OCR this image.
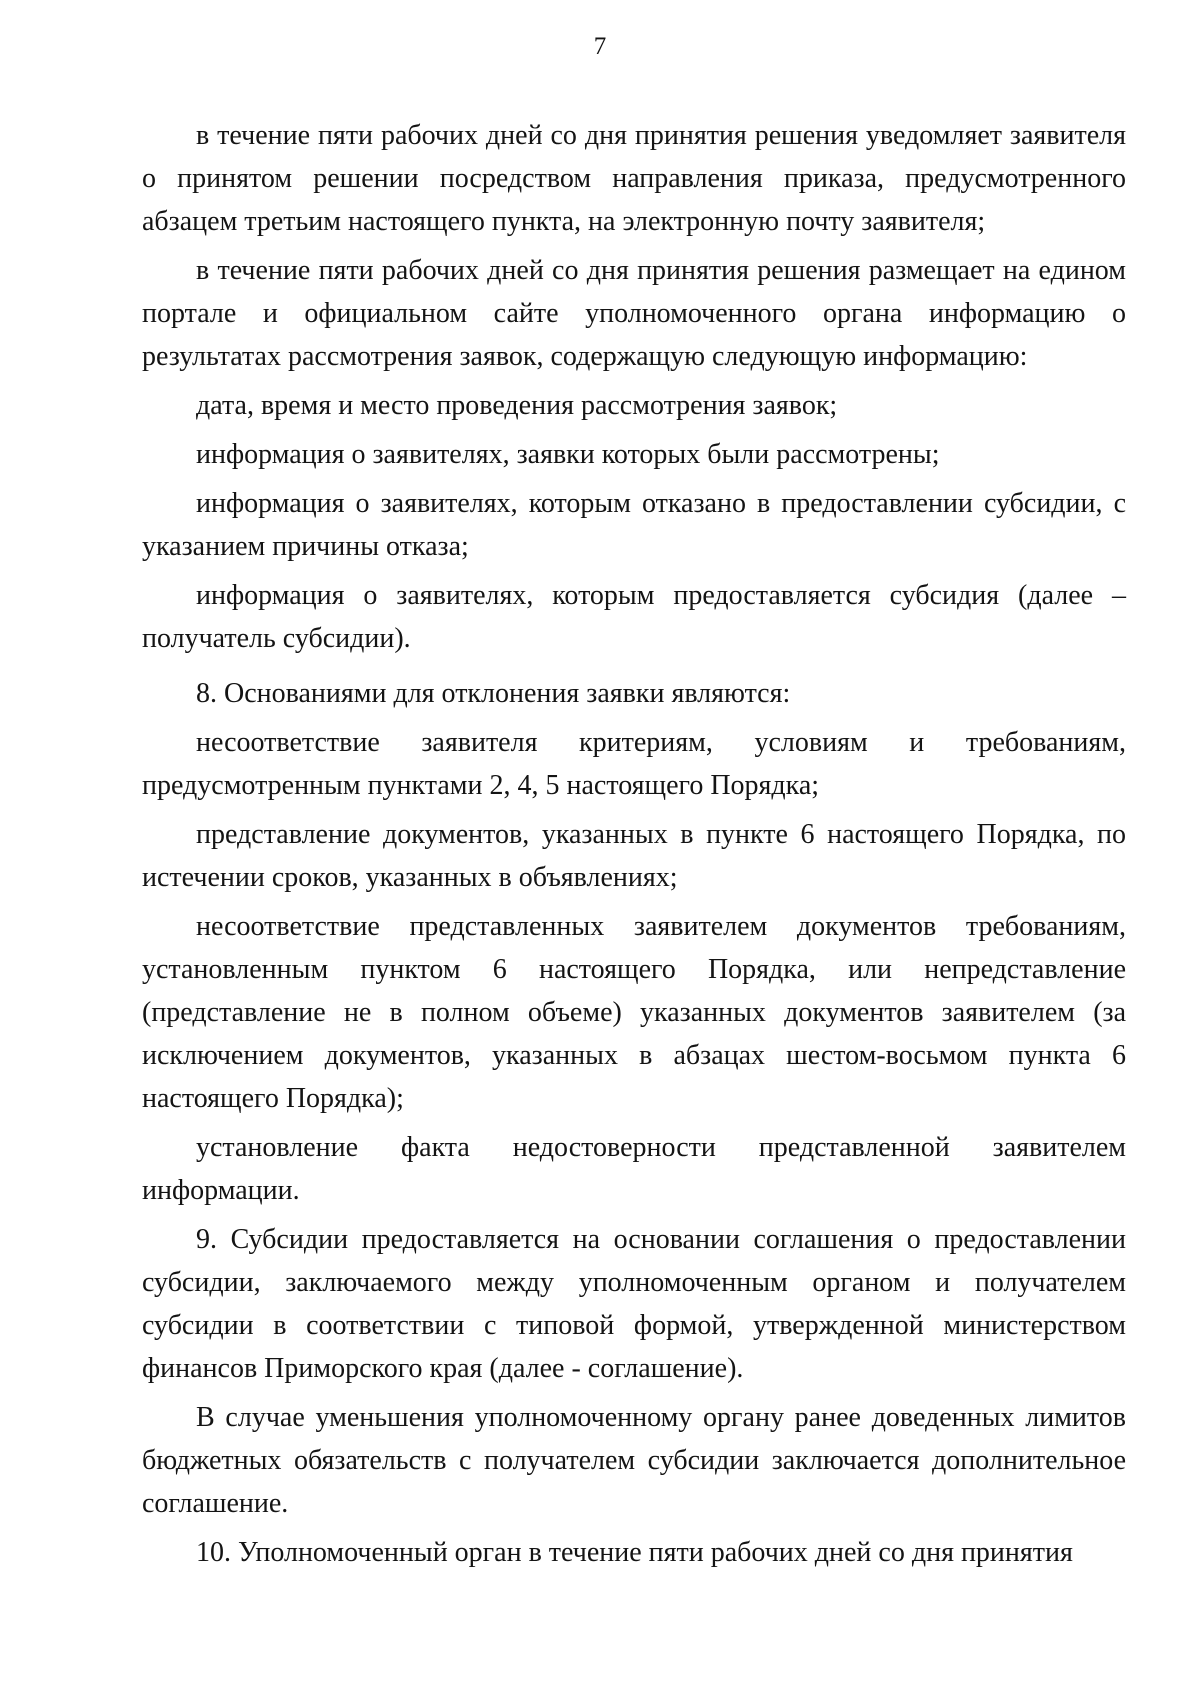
7

в течение пяти рабочих дней со дня принятия решения уведомляет заявителя о принятом решении посредством направления приказа, предусмотренного абзацем третьим настоящего пункта, на электронную почту заявителя;

в течение пяти рабочих дней со дня принятия решения размещает на едином портале и официальном сайте уполномоченного органа информацию о результатах рассмотрения заявок, содержащую следующую информацию:

дата, время и место проведения рассмотрения заявок;

информация о заявителях, заявки которых были рассмотрены;

информация о заявителях, которым отказано в предоставлении субсидии, с указанием причины отказа;

информация о заявителях, которым предоставляется субсидия (далее – получатель субсидии).

8. Основаниями для отклонения заявки являются:

несоответствие заявителя критериям, условиям и требованиям, предусмотренным пунктами 2, 4, 5 настоящего Порядка;

представление документов, указанных в пункте 6 настоящего Порядка, по истечении сроков, указанных в объявлениях;

несоответствие представленных заявителем документов требованиям, установленным пунктом 6 настоящего Порядка, или непредставление (представление не в полном объеме) указанных документов заявителем (за исключением документов, указанных в абзацах шестом-восьмом пункта 6 настоящего Порядка);

установление факта недостоверности представленной заявителем информации.

9. Субсидии предоставляется на основании соглашения о предоставлении субсидии, заключаемого между уполномоченным органом и получателем субсидии в соответствии с типовой формой, утвержденной министерством финансов Приморского края (далее - соглашение).

В случае уменьшения уполномоченному органу ранее доведенных лимитов бюджетных обязательств с получателем субсидии заключается дополнительное соглашение.

10. Уполномоченный орган в течение пяти рабочих дней со дня принятия
